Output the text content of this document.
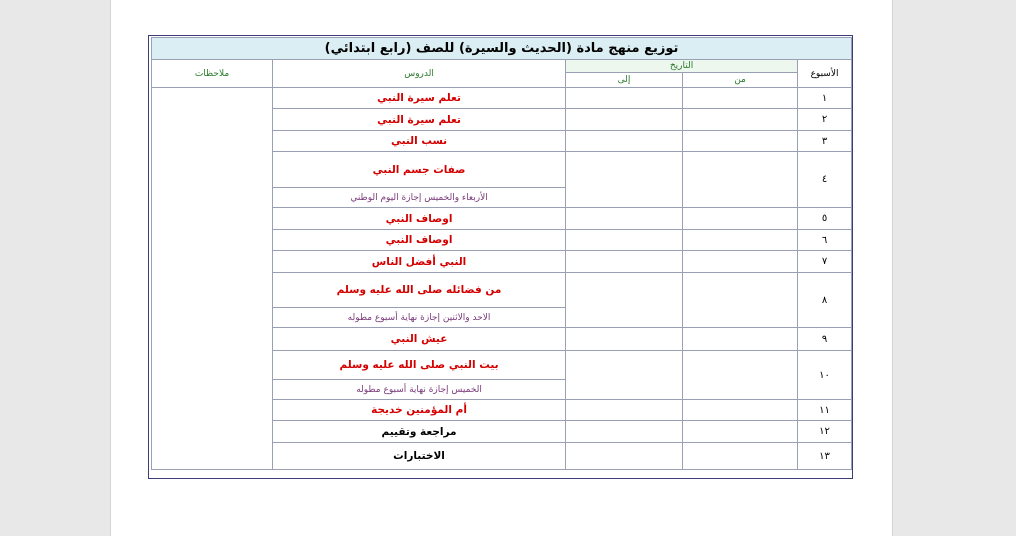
توزيع منهج مادة (الحديث والسيرة) للصف (رابع ابتدائي)				
الأسبوع	التاريخ		الدروس	ملاحظات
	من	إلى		
١			تعلم سيرة النبي	
٢			تعلم سيرة النبي	
٣			نسب النبي	
٤			صفات جسم النبي	
			الأربعاء والخميس إجازة اليوم الوطني	
٥			اوصاف النبي	
٦			اوصاف النبي	
٧			النبي أفضل الناس	
٨			من فضائله صلى الله عليه وسلم	
			الاحد والاثنين إجازة نهاية أسبوع مطوله	
٩			عيش النبي	
١٠			بيت النبي صلى الله عليه وسلم	
			الخميس إجازة نهاية أسبوع مطوله	
١١			أم المؤمنين خديجة	
١٢			مراجعة وتقييم	
١٣			الاختبارات	
